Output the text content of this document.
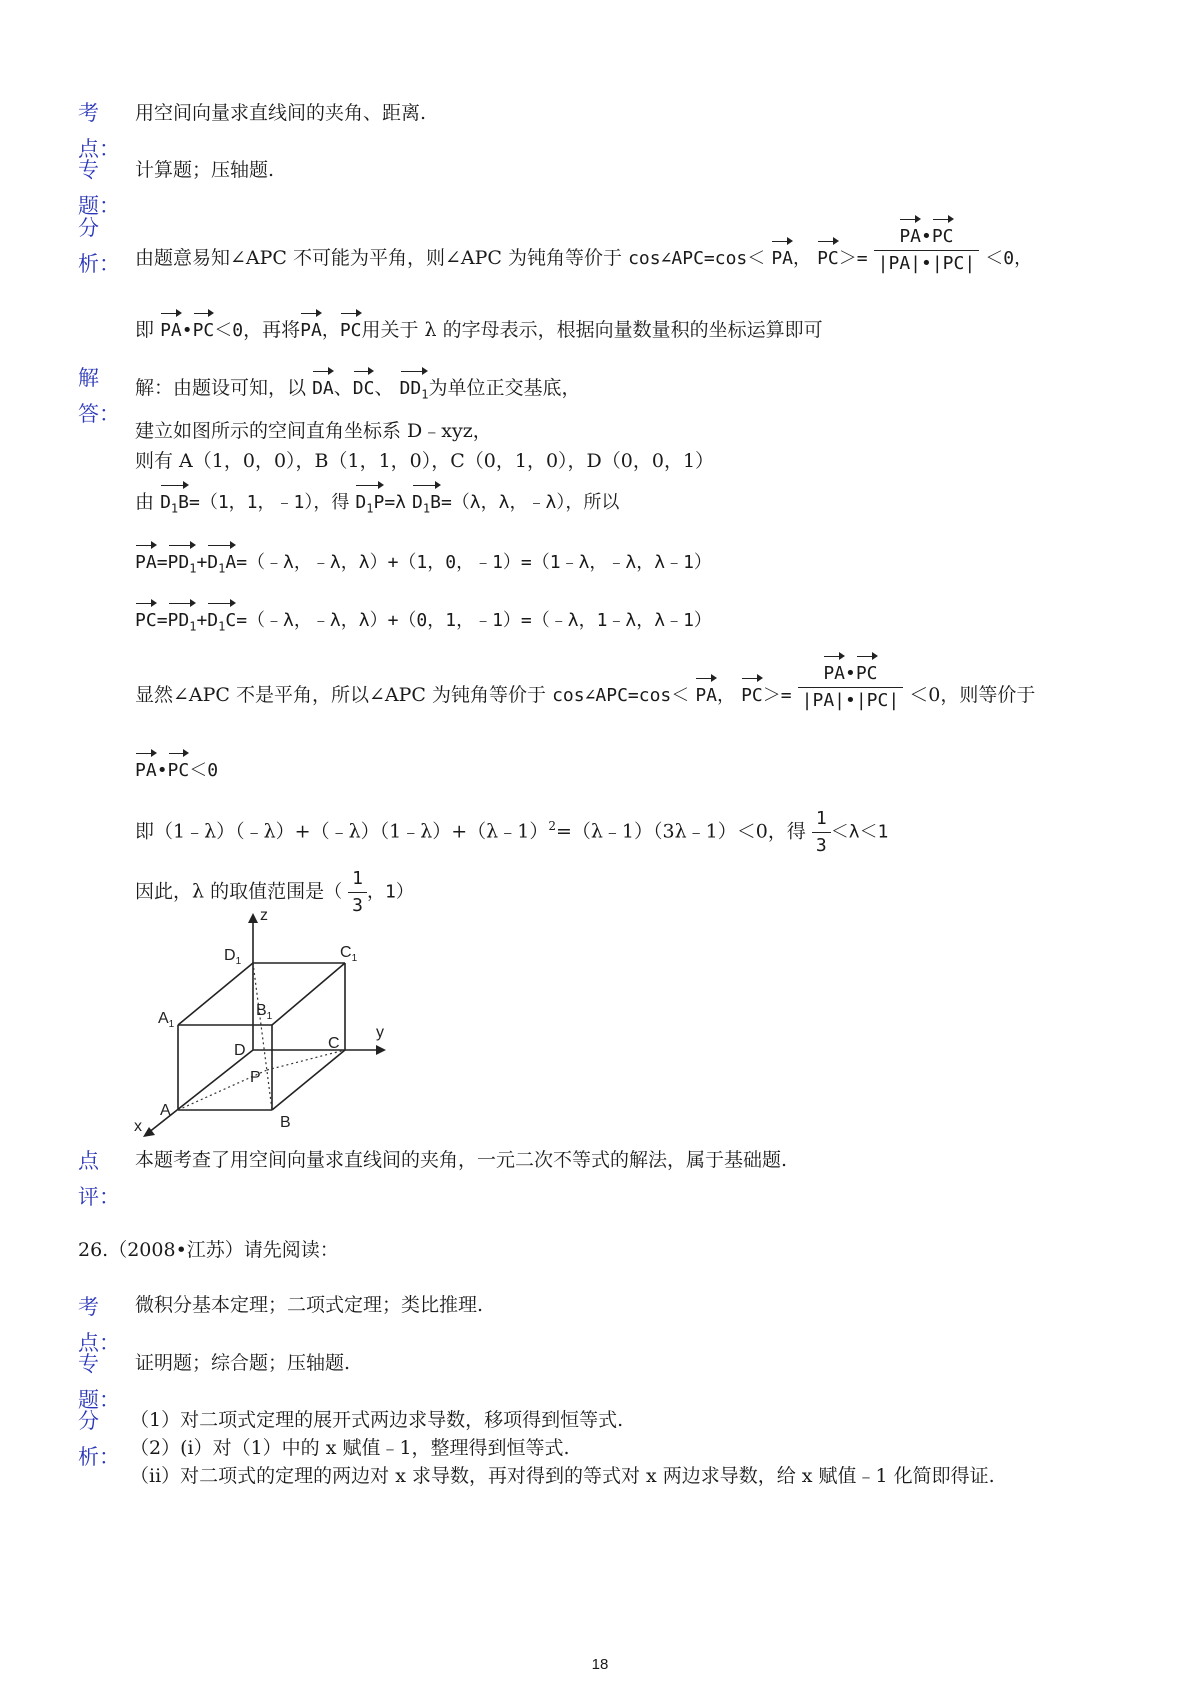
考
点：
用空间向量求直线间的夹角、距离.
专
题：
计算题；压轴题.
分
析： 由题意易知∠APC 不可能为平角，则∠APC 为钝角等价于 cos∠APC=cos＜ PA， $PC>= \frac{PA•PC}{|PA|•|PC|} <0$，
即 PA•PC＜0，再将PA，PC用关于 λ 的字母表示，根据向量数量积的坐标运算即可
解
答：
解：由题设可知，以 DA、DC、 $DD_1$为单位正交基底，
建立如图所示的空间直角坐标系 D﹣xyz，
则有 A（1，0，0），B（1，1，0），C（0，1，0），D（0，0，1）
由 $D_1B=(1$，1，﹣1），得 $D_1P=\lambda$ $D_1B=(\lambda$，λ，﹣λ），所以
$PA=PD_1+D_1A=(﹣\lambda$，﹣λ，λ）+（1，0，﹣1）=（1﹣λ，﹣λ，λ﹣1）
$PC=PD_1+D_1C=(﹣\lambda$，﹣λ，λ）+（0，1，﹣1）=（﹣λ，1﹣λ，λ﹣1）
显然∠APC 不是平角，所以∠APC 为钝角等价于 cos∠APC=cos＜ PA， $PC>= \frac{PA•PC}{|PA|•|PC|} <0$，则等价于
PA•PC＜0
即（1﹣λ）（﹣λ）+（﹣λ）（1﹣λ）+（λ﹣1）$^2$=（λ﹣1）（3λ﹣1）＜0，得 $\frac{1}{3} <\lambda<1$
因此，λ 的取值范围是（ $\frac{1}{3}$ ，1）
z
y
x
$D_1$
$C_1$
$A_1$
$B_1$
D	C
P
A
B
点
评：
本题考查了用空间向量求直线间的夹角，一元二次不等式的解法，属于基础题.
26.（2008•江苏）请先阅读：
考
点：
微积分基本定理；二项式定理；类比推理.
专
题：
证明题；综合题；压轴题.
分
析：
（1）对二项式定理的展开式两边求导数，移项得到恒等式.
（2）(i）对（1）中的 x 赋值﹣1，整理得到恒等式.
（ii）对二项式的定理的两边对 x 求导数，再对得到的等式对 x 两边求导数，给 x 赋值﹣1 化简即得证.
18
